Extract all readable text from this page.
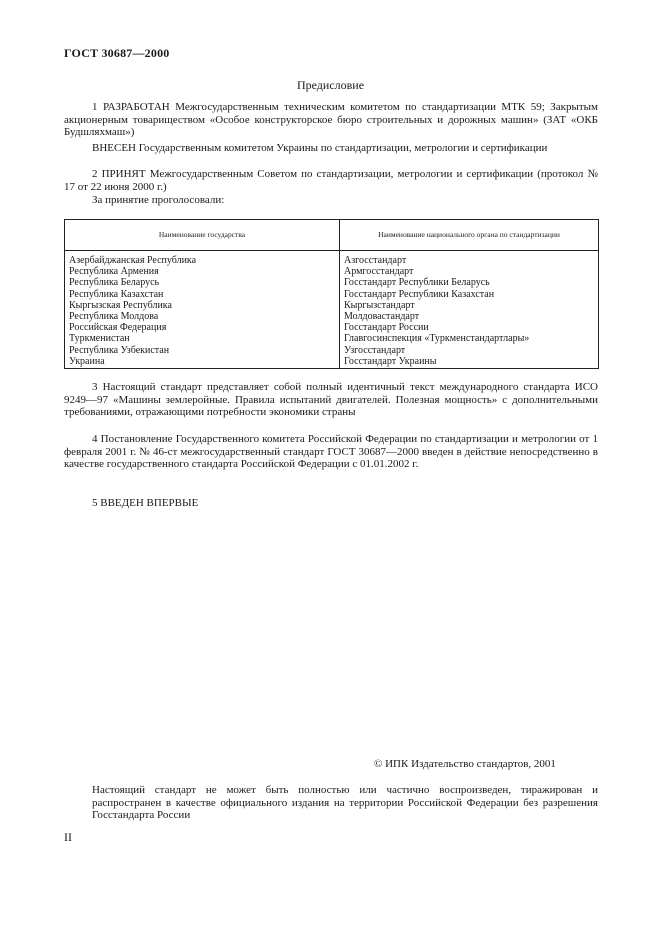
ГОСТ 30687—2000
Предисловие
1 РАЗРАБОТАН Межгосударственным техническим комитетом по стандартизации МТК 59; Закрытым акционерным товариществом «Особое конструкторское бюро строительных и дорожных машин» (ЗАТ «ОКБ Будшляхмаш»)
ВНЕСЕН Государственным комитетом Украины по стандартизации, метрологии и сертификации
2 ПРИНЯТ Межгосударственным Советом по стандартизации, метрологии и сертификации (протокол № 17 от 22 июня 2000 г.)
За принятие проголосовали:
Наименование государства	Наименование национального органа по стандартизации
Азербайджанская Республика	Азгосстандарт
Республика Армения	Армгосстандарт
Республика Беларусь	Госстандарт Республики Беларусь
Республика Казахстан	Госстандарт Республики Казахстан
Кыргызская Республика	Кыргызстандарт
Республика Молдова	Молдовастандарт
Российская Федерация	Госстандарт России
Туркменистан	Главгосинспекция «Туркменстандартлары»
Республика Узбекистан	Узгосстандарт
Украина	Госстандарт Украины
3 Настоящий стандарт представляет собой полный идентичный текст международного стандарта ИСО 9249—97 «Машины землеройные. Правила испытаний двигателей. Полезная мощность» с дополнительными требованиями, отражающими потребности экономики страны
4 Постановление Государственного комитета Российской Федерации по стандартизации и метрологии от 1 февраля 2001 г. № 46-ст межгосударственный стандарт ГОСТ 30687—2000 введен в действие непосредственно в качестве государственного стандарта Российской Федерации с 01.01.2002 г.
5 ВВЕДЕН ВПЕРВЫЕ
© ИПК Издательство стандартов, 2001
Настоящий стандарт не может быть полностью или частично воспроизведен, тиражирован и распространен в качестве официального издания на территории Российской Федерации без разрешения Госстандарта России
II
